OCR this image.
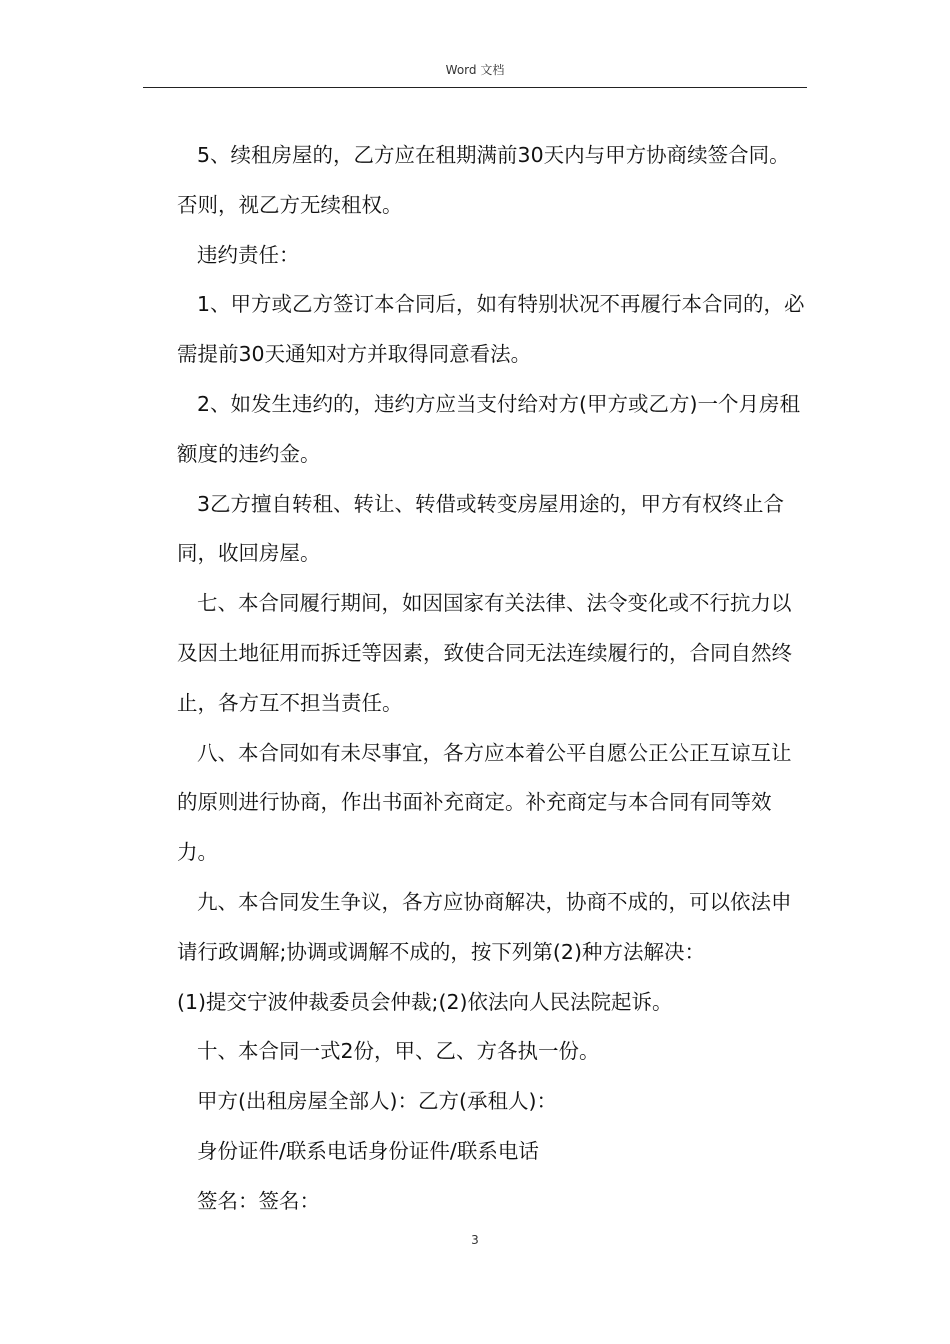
Word 文档

5、续租房屋的，乙方应在租期满前30天内与甲方协商续签合同。否则，视乙方无续租权。

违约责任：

1、甲方或乙方签订本合同后，如有特别状况不再履行本合同的，必需提前30天通知对方并取得同意看法。

2、如发生违约的，违约方应当支付给对方(甲方或乙方)一个月房租额度的违约金。

3乙方擅自转租、转让、转借或转变房屋用途的，甲方有权终止合同，收回房屋。

七、本合同履行期间，如因国家有关法律、法令变化或不行抗力以及因土地征用而拆迁等因素，致使合同无法连续履行的，合同自然终止，各方互不担当责任。

八、本合同如有未尽事宜，各方应本着公平自愿公正公正互谅互让的原则进行协商，作出书面补充商定。补充商定与本合同有同等效力。

九、本合同发生争议，各方应协商解决，协商不成的，可以依法申请行政调解;协调或调解不成的，按下列第(2)种方法解决：

(1)提交宁波仲裁委员会仲裁;(2)依法向人民法院起诉。

十、本合同一式2份，甲、乙、方各执一份。

甲方(出租房屋全部人)：乙方(承租人)：

身份证件/联系电话身份证件/联系电话

签名：签名：

3
